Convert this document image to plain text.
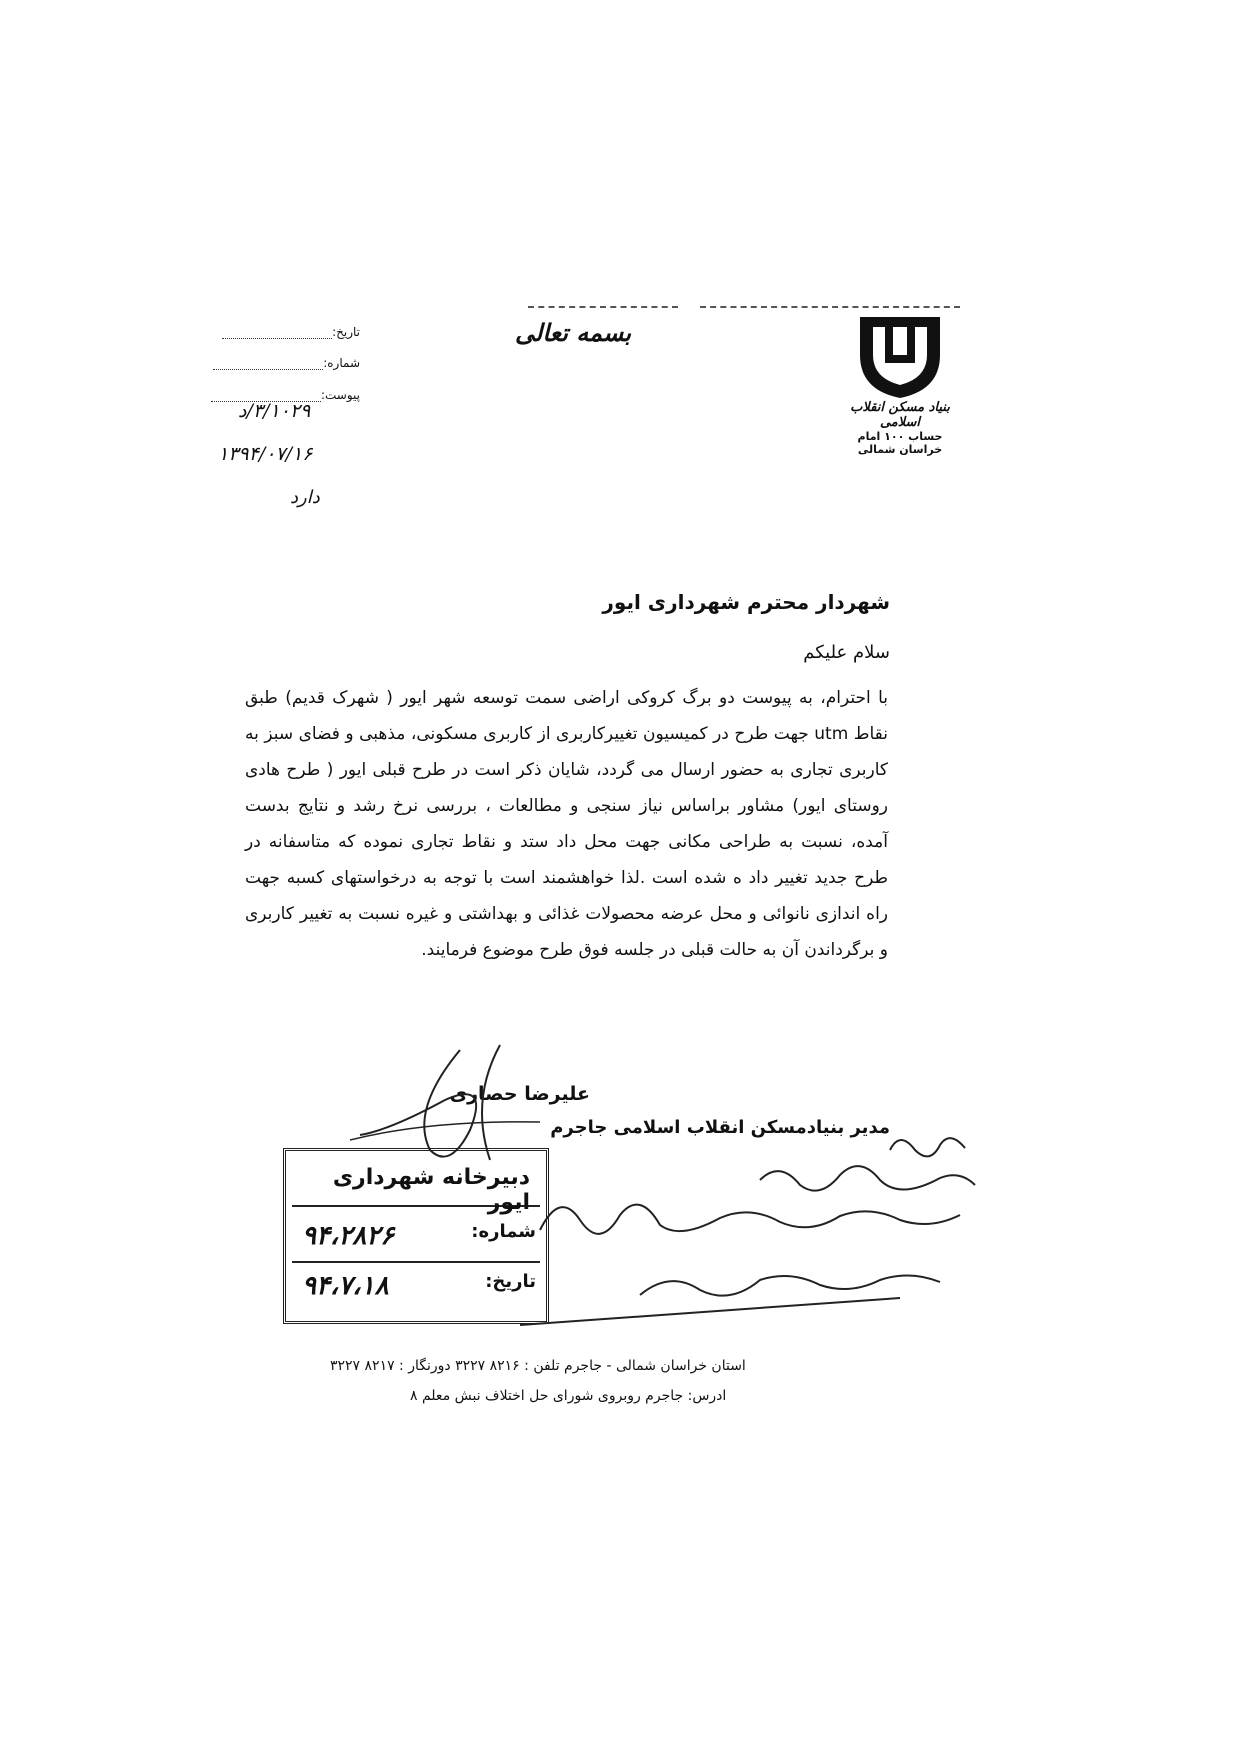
بسمه تعالی
بنیاد مسکن انقلاب اسلامی
حساب ۱۰۰ امام
خراسان شمالی
تاریخ:
شماره:
پیوست:
۳/۱۰۲۹/د
۱۳۹۴/۰۷/۱۶
دارد
شهردار محترم شهرداری ایور
سلام علیکم
با احترام، به پیوست دو برگ کروکی اراضی سمت توسعه شهر ایور ( شهرک قدیم) طبق نقاط utm جهت طرح در کمیسیون تغییرکاربری از کاربری مسکونی، مذهبی و فضای سبز به کاربری تجاری به حضور ارسال می گردد، شایان ذکر است در طرح قبلی ایور ( طرح هادی روستای ایور) مشاور براساس نیاز سنجی و مطالعات ، بررسی نرخ رشد و نتایج بدست آمده، نسبت به طراحی مکانی جهت محل داد ستد و نقاط تجاری نموده که متاسفانه در طرح جدید تغییر داد ه شده است .لذا خواهشمند است با توجه به درخواستهای کسبه جهت راه اندازی نانوائی و محل عرضه محصولات غذائی و بهداشتی و غیره نسبت به تغییر کاربری و برگرداندن آن به حالت قبلی در جلسه فوق طرح موضوع فرمایند.
علیرضا حصاری
مدیر بنیادمسکن انقلاب اسلامی جاجرم
دبیرخانه شهرداری ایور
شماره:
۹۴،۲۸۲۶
تاریخ:
۹۴،۷،۱۸
استان خراسان شمالی - جاجرم تلفن : ۸۲۱۶ ۳۲۲۷ دورنگار : ۸۲۱۷ ۳۲۲۷
ادرس: جاجرم روبروی شورای حل اختلاف نبش معلم ۸
